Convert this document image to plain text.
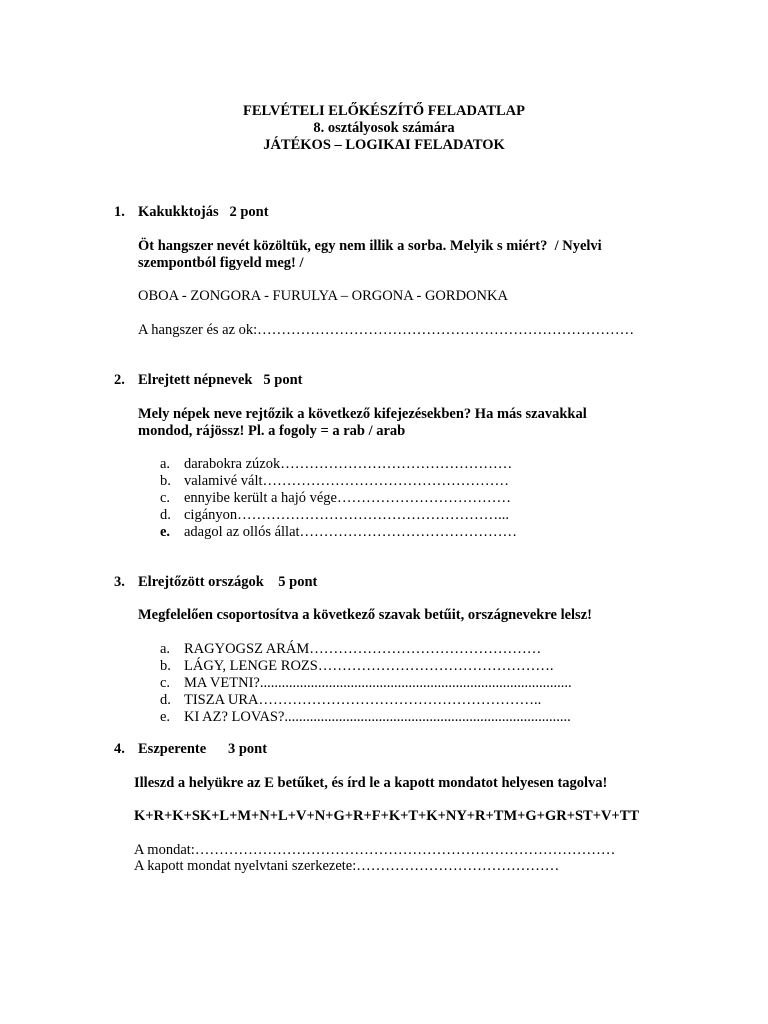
FELVÉTELI ELŐKÉSZÍTŐ FELADATLAP
8. osztályosok számára
JÁTÉKOS – LOGIKAI FELADATOK
1. Kakukktojás   2 pont
Öt hangszer nevét közöltük, egy nem illik a sorba. Melyik s miért?  / Nyelvi
szempontból figyeld meg! /
OBOA - ZONGORA - FURULYA – ORGONA - GORDONKA
A hangszer és az ok:……………………………………………………………………
2. Elrejtett népnevek   5 pont
Mely népek neve rejtőzik a következő kifejezésekben? Ha más szavakkal
mondod, rájössz! Pl. a fogoly = a rab / arab
a. darabokra zúzok…………………………………………
b. valamivé vált……………………………………………
c. ennyibe került a hajó vége………………………………
d. cigányon………………………………………………...
e. adagol az ollós állat………………………………………
3. Elrejtőzött országok    5 pont
Megfelelően csoportosítva a következő szavak betűit, országnevekre lelsz!
a. RAGYOGSZ ARÁM…………………………………………
b. LÁGY, LENGE ROZS………………………………………….
c. MA VETNI?......................................................................................
d. TISZA URA…………………………………………………..
e. KI AZ? LOVAS?...............................................................................
4. Eszperente      3 pont
Illeszd a helyükre az E betűket, és írd le a kapott mondatot helyesen tagolva!
K+R+K+SK+L+M+N+L+V+N+G+R+F+K+T+K+NY+R+TM+G+GR+ST+V+TT
A mondat:……………………………………………………………………………
A kapott mondat nyelvtani szerkezete:……………………………………
